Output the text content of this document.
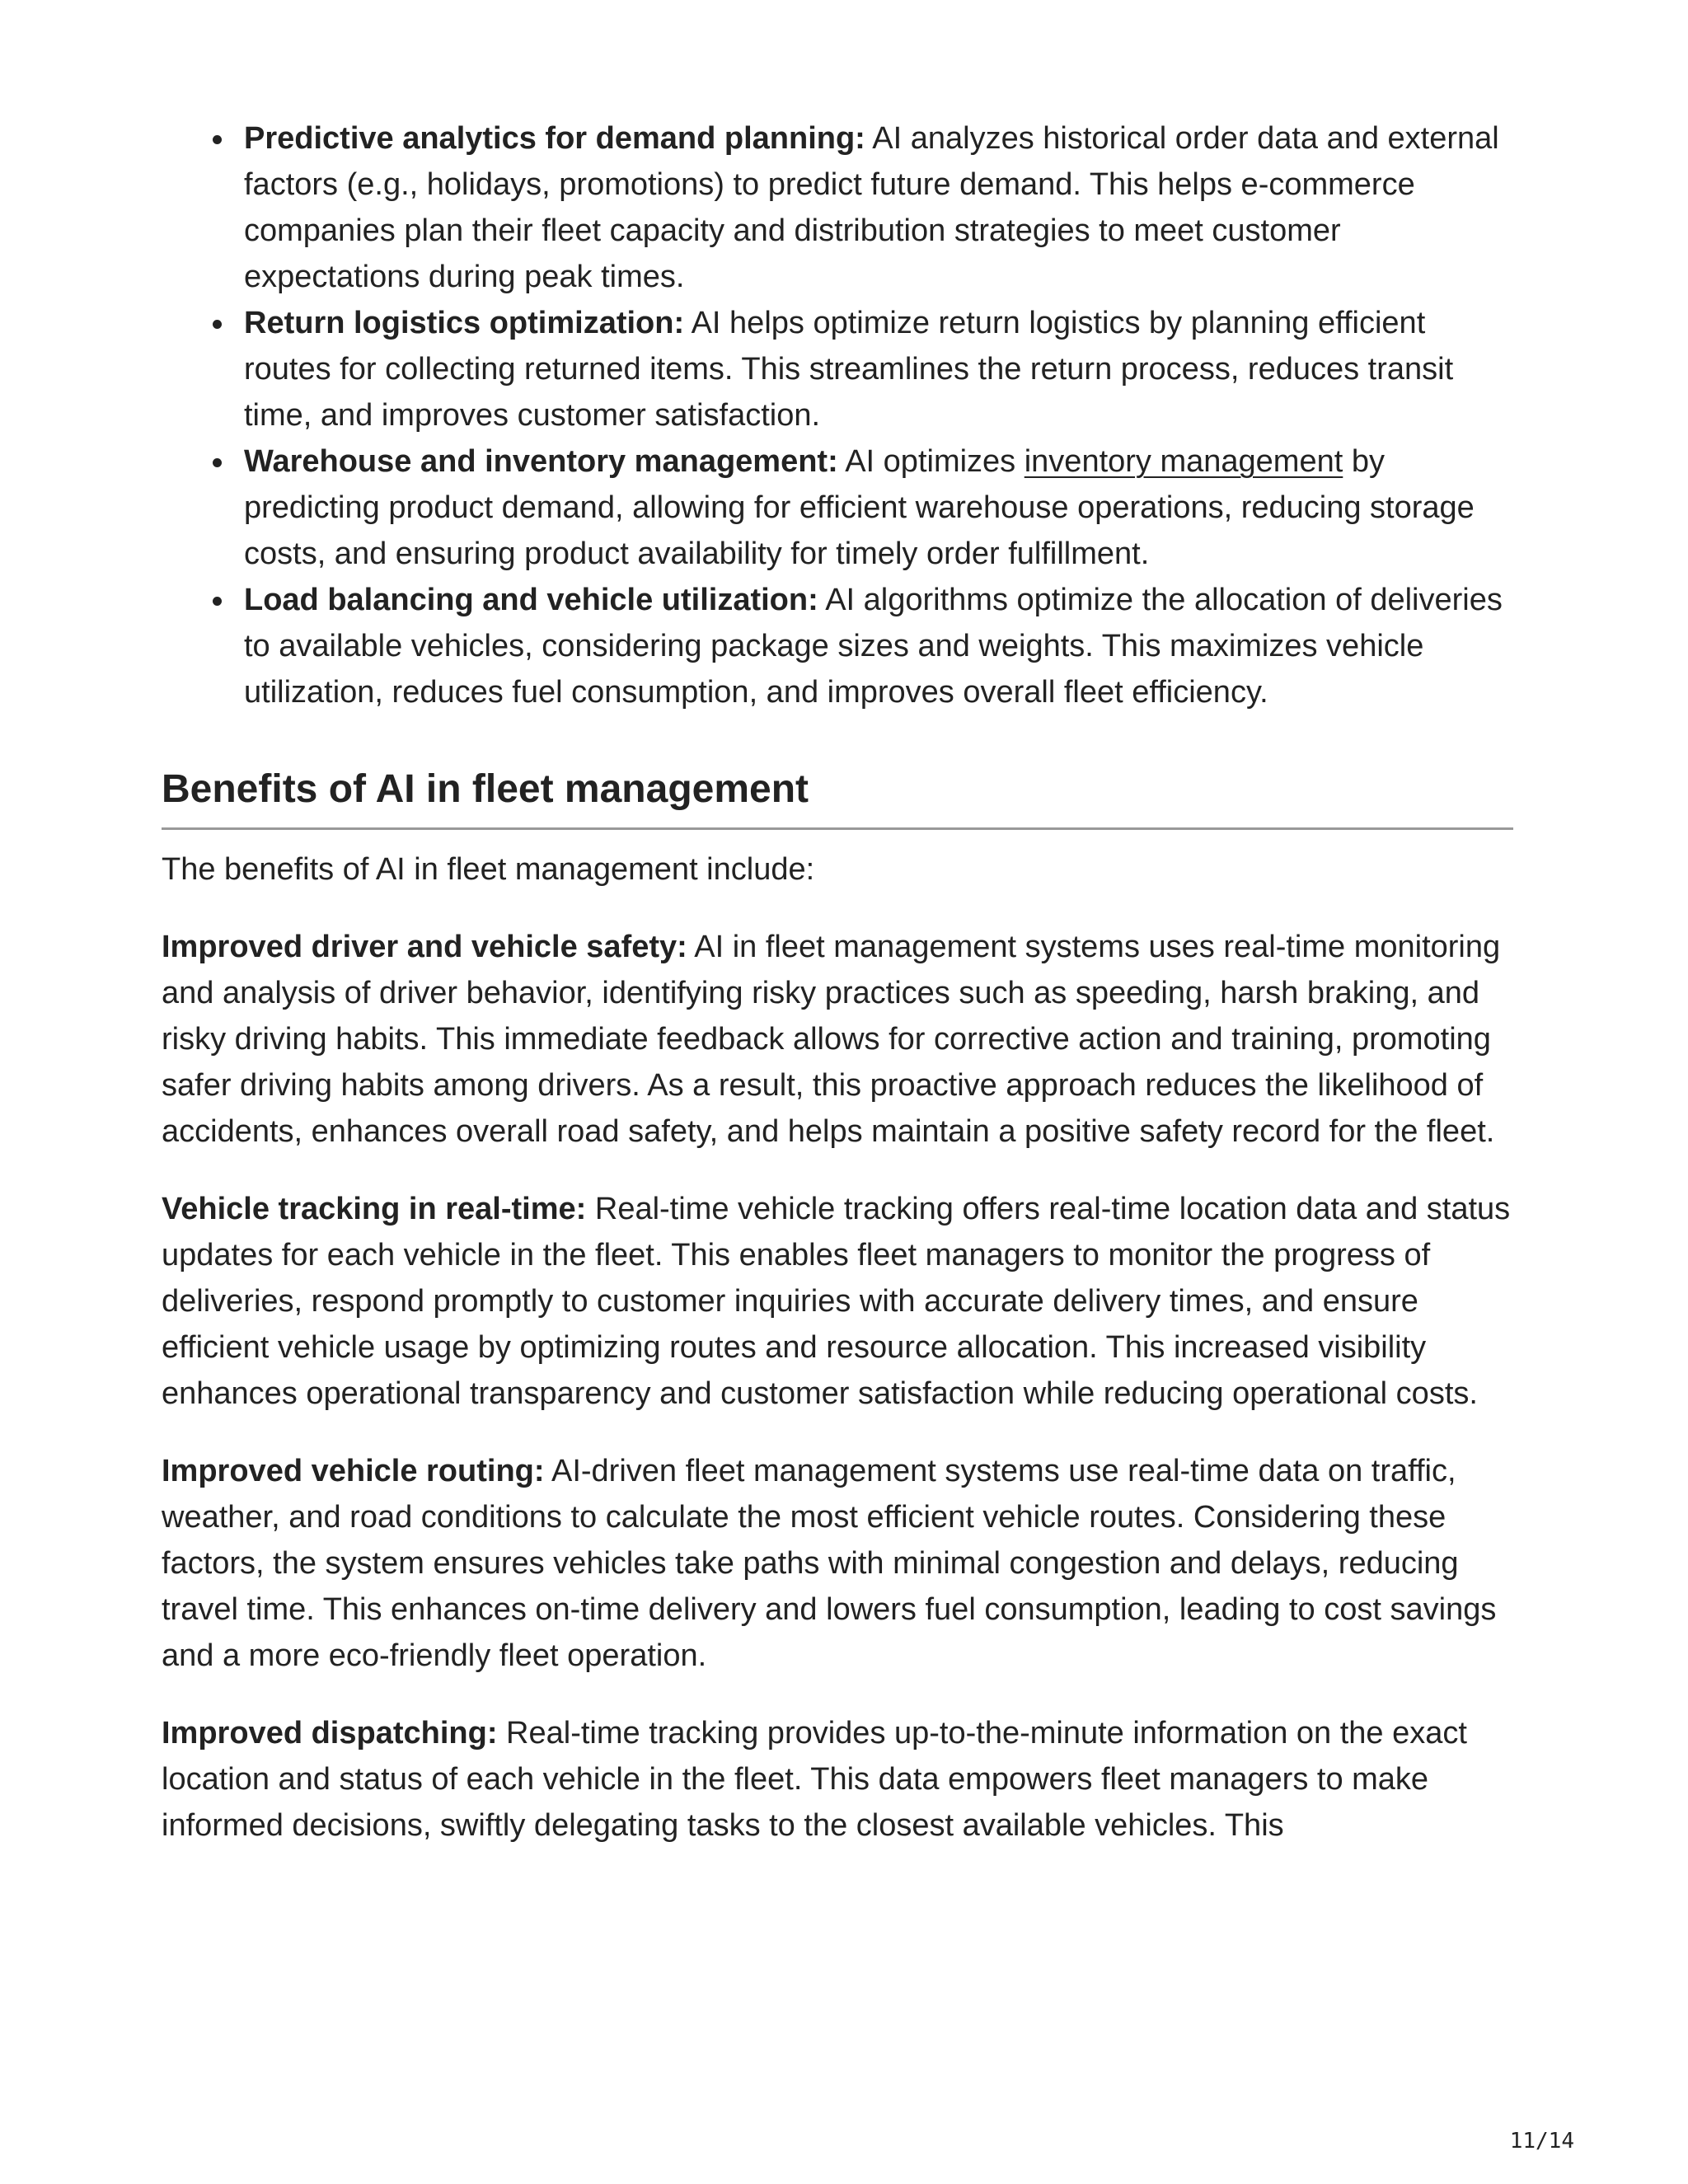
Predictive analytics for demand planning: AI analyzes historical order data and external factors (e.g., holidays, promotions) to predict future demand. This helps e-commerce companies plan their fleet capacity and distribution strategies to meet customer expectations during peak times.
Return logistics optimization: AI helps optimize return logistics by planning efficient routes for collecting returned items. This streamlines the return process, reduces transit time, and improves customer satisfaction.
Warehouse and inventory management: AI optimizes inventory management by predicting product demand, allowing for efficient warehouse operations, reducing storage costs, and ensuring product availability for timely order fulfillment.
Load balancing and vehicle utilization: AI algorithms optimize the allocation of deliveries to available vehicles, considering package sizes and weights. This maximizes vehicle utilization, reduces fuel consumption, and improves overall fleet efficiency.
Benefits of AI in fleet management

The benefits of AI in fleet management include:

Improved driver and vehicle safety: AI in fleet management systems uses real-time monitoring and analysis of driver behavior, identifying risky practices such as speeding, harsh braking, and risky driving habits. This immediate feedback allows for corrective action and training, promoting safer driving habits among drivers. As a result, this proactive approach reduces the likelihood of accidents, enhances overall road safety, and helps maintain a positive safety record for the fleet.

Vehicle tracking in real-time: Real-time vehicle tracking offers real-time location data and status updates for each vehicle in the fleet. This enables fleet managers to monitor the progress of deliveries, respond promptly to customer inquiries with accurate delivery times, and ensure efficient vehicle usage by optimizing routes and resource allocation. This increased visibility enhances operational transparency and customer satisfaction while reducing operational costs.

Improved vehicle routing: AI-driven fleet management systems use real-time data on traffic, weather, and road conditions to calculate the most efficient vehicle routes. Considering these factors, the system ensures vehicles take paths with minimal congestion and delays, reducing travel time. This enhances on-time delivery and lowers fuel consumption, leading to cost savings and a more eco-friendly fleet operation.

Improved dispatching: Real-time tracking provides up-to-the-minute information on the exact location and status of each vehicle in the fleet. This data empowers fleet managers to make informed decisions, swiftly delegating tasks to the closest available vehicles. This

11/14
